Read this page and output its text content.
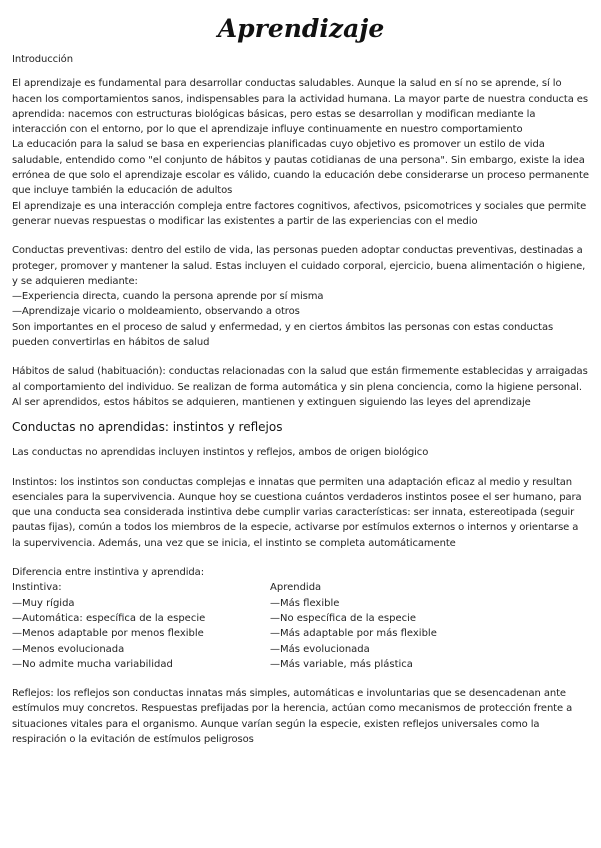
Aprendizaje

Introducción

El aprendizaje es fundamental para desarrollar conductas saludables. Aunque la salud en sí no se aprende, sí lo hacen los comportamientos sanos, indispensables para la actividad humana. La mayor parte de nuestra conducta es aprendida: nacemos con estructuras biológicas básicas, pero estas se desarrollan y modifican mediante la interacción con el entorno, por lo que el aprendizaje influye continuamente en nuestro comportamiento

La educación para la salud se basa en experiencias planificadas cuyo objetivo es promover un estilo de vida saludable, entendido como "el conjunto de hábitos y pautas cotidianas de una persona". Sin embargo, existe la idea errónea de que solo el aprendizaje escolar es válido, cuando la educación debe considerarse un proceso permanente que incluye también la educación de adultos

El aprendizaje es una interacción compleja entre factores cognitivos, afectivos, psicomotrices y sociales que permite generar nuevas respuestas o modificar las existentes a partir de las experiencias con el medio

Conductas preventivas: dentro del estilo de vida, las personas pueden adoptar conductas preventivas, destinadas a proteger, promover y mantener la salud. Estas incluyen el cuidado corporal, ejercicio, buena alimentación o higiene, y se adquieren mediante:

— Experiencia directa, cuando la persona aprende por sí misma

— Aprendizaje vicario o moldeamiento, observando a otros

Son importantes en el proceso de salud y enfermedad, y en ciertos ámbitos las personas con estas conductas pueden convertirlas en hábitos de salud

Hábitos de salud (habituación): conductas relacionadas con la salud que están firmemente establecidas y arraigadas al comportamiento del individuo. Se realizan de forma automática y sin plena conciencia, como la higiene personal. Al ser aprendidos, estos hábitos se adquieren, mantienen y extinguen siguiendo las leyes del aprendizaje

Conductas no aprendidas: instintos y reflejos

Las conductas no aprendidas incluyen instintos y reflejos, ambos de origen biológico

Instintos: los instintos son conductas complejas e innatas que permiten una adaptación eficaz al medio y resultan esenciales para la supervivencia. Aunque hoy se cuestiona cuántos verdaderos instintos posee el ser humano, para que una conducta sea considerada instintiva debe cumplir varias características: ser innata, estereotipada (seguir pautas fijas), común a todos los miembros de la especie, activarse por estímulos externos o internos y orientarse a la supervivencia. Además, una vez que se inicia, el instinto se completa automáticamente

Diferencia entre instintiva y aprendida:

Instintiva:

— Muy rígida

— Automática: específica de la especie

— Menos adaptable por menos flexible

— Menos evolucionada

— No admite mucha variabilidad

Aprendida

— Más flexible

— No específica de la especie

— Más adaptable por más flexible

— Más evolucionada

— Más variable, más plástica

Reflejos: los reflejos son conductas innatas más simples, automáticas e involuntarias que se desencadenan ante estímulos muy concretos. Respuestas prefijadas por la herencia, actúan como mecanismos de protección frente a situaciones vitales para el organismo. Aunque varían según la especie, existen reflejos universales como la respiración o la evitación de estímulos peligrosos
